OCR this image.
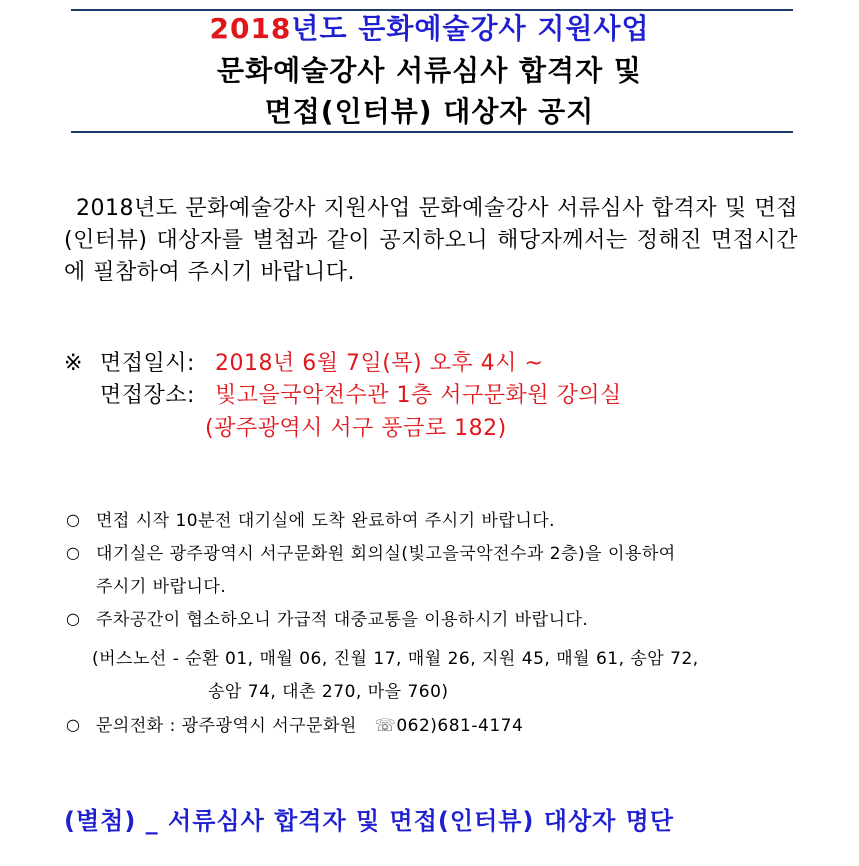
2018년도 문화예술강사 지원사업
문화예술강사 서류심사 합격자 및
면접(인터뷰) 대상자 공지
2018년도 문화예술강사 지원사업 문화예술강사 서류심사 합격자 및 면접(인터뷰) 대상자를 별첨과 같이 공지하오니 해당자께서는 정해진 면접시간에 필참하여 주시기 바랍니다.
※ 면접일시: 2018년 6월 7일(목) 오후 4시 ~
면접장소: 빛고을국악전수관 1층 서구문화원 강의실
(광주광역시 서구 풍금로 182)
○ 면접 시작 10분전 대기실에 도착 완료하여 주시기 바랍니다.
○ 대기실은 광주광역시 서구문화원 회의실(빛고을국악전수과 2층)을 이용하여
주시기 바랍니다.
○ 주차공간이 협소하오니 가급적 대중교통을 이용하시기 바랍니다.
(버스노선 - 순환 01, 매월 06, 진월 17, 매월 26, 지원 45, 매월 61, 송암 72,
송암 74, 대촌 270, 마을 760)
○ 문의전화 : 광주광역시 서구문화원 ☏062)681-4174
(별첨) _ 서류심사 합격자 및 면접(인터뷰) 대상자 명단
